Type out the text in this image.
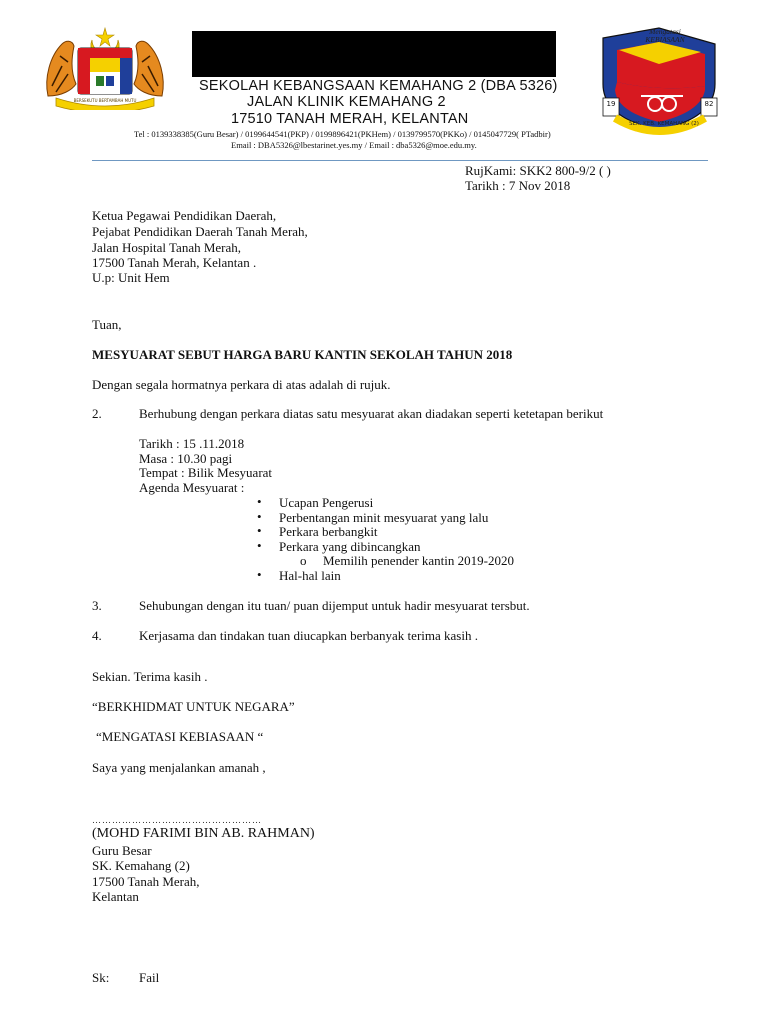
BERSEKUTU BERTAMBAH MUTU
SEKOLAH KEBANGSAAN KEMAHANG 2 (DBA 5326)
JALAN KLINIK KEMAHANG 2
17510 TANAH MERAH, KELANTAN
Tel : 0139338385(Guru Besar) / 0199644541(PKP) / 0199896421(PKHem) / 0139799570(PKKo) / 0145047729( PTadbir)
Email : DBA5326@lbestarinet.yes.my / Email : dba5326@moe.edu.my.
Mengatasi KEBIASAAN
19	82
SEK. KEB. KEMAHANG (2)
RujKami: SKK2 800-9/2 ( )
Tarikh : 7 Nov 2018
Ketua Pegawai Pendidikan Daerah,
Pejabat Pendidikan Daerah Tanah Merah,
Jalan Hospital Tanah Merah,
17500 Tanah Merah, Kelantan .
U.p: Unit Hem
Tuan,
MESYUARAT SEBUT HARGA BARU KANTIN SEKOLAH TAHUN 2018
Dengan segala hormatnya perkara di atas adalah di rujuk.
2.	Berhubung dengan perkara diatas satu mesyuarat akan diadakan seperti ketetapan berikut
Tarikh : 15 .11.2018
Masa : 10.30 pagi
Tempat : Bilik Mesyuarat
Agenda Mesyuarat :
• Ucapan Pengerusi
• Perbentangan minit mesyuarat yang lalu
• Perkara berbangkit
• Perkara yang dibincangkan
o Memilih penender kantin 2019-2020
• Hal-hal lain
3.	Sehubungan dengan itu tuan/ puan dijemput untuk hadir mesyuarat tersbut.
4.	Kerjasama dan tindakan tuan diucapkan berbanyak terima kasih .
Sekian. Terima kasih .
“BERKHIDMAT UNTUK NEGARA”
“MENGATASI KEBIASAAN “
Saya yang menjalankan amanah ,
……………………………………………
(MOHD FARIMI BIN AB. RAHMAN)
Guru Besar
SK. Kemahang (2)
17500 Tanah Merah,
Kelantan
Sk: Fail
